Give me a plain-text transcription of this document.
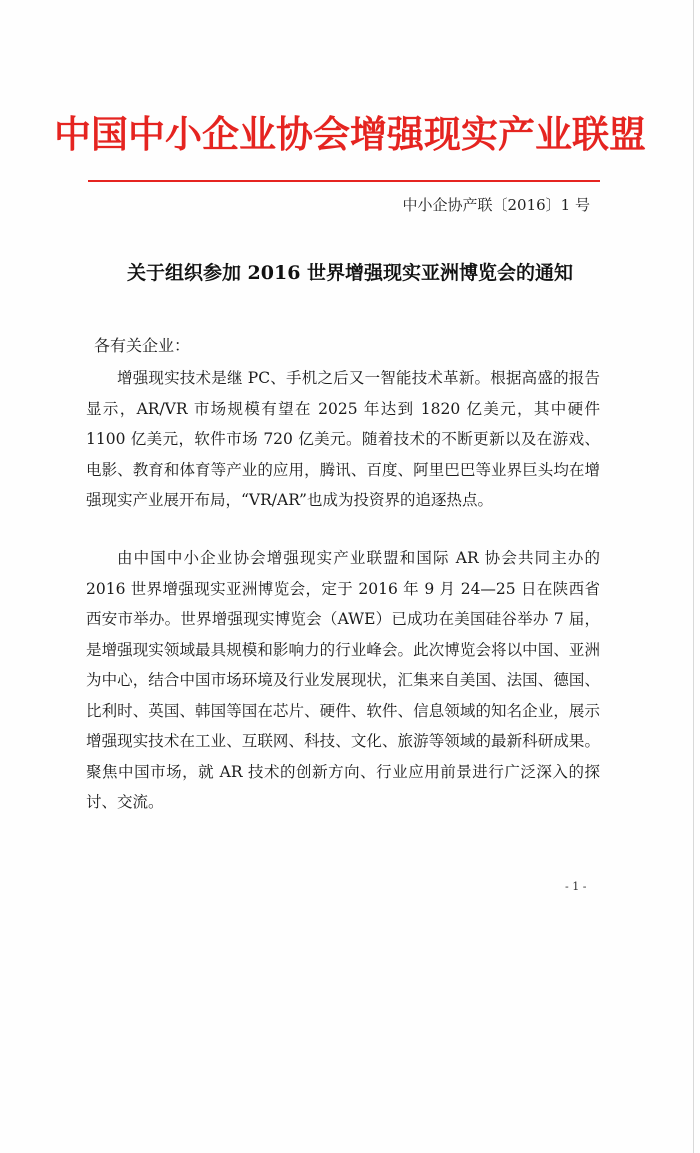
中国中小企业协会增强现实产业联盟
中小企协产联〔2016〕1 号
关于组织参加 2016 世界增强现实亚洲博览会的通知
各有关企业：

增强现实技术是继 PC、手机之后又一智能技术革新。根据高盛的报告显示，AR/VR 市场规模有望在 2025 年达到 1820 亿美元，其中硬件 1100 亿美元，软件市场 720 亿美元。随着技术的不断更新以及在游戏、电影、教育和体育等产业的应用，腾讯、百度、阿里巴巴等业界巨头均在增强现实产业展开布局，“VR/AR”也成为投资界的追逐热点。

由中国中小企业协会增强现实产业联盟和国际 AR 协会共同主办的 2016 世界增强现实亚洲博览会，定于 2016 年 9 月 24—25 日在陕西省西安市举办。世界增强现实博览会（AWE）已成功在美国硅谷举办 7 届，是增强现实领域最具规模和影响力的行业峰会。此次博览会将以中国、亚洲为中心，结合中国市场环境及行业发展现状，汇集来自美国、法国、德国、比利时、英国、韩国等国在芯片、硬件、软件、信息领域的知名企业，展示增强现实技术在工业、互联网、科技、文化、旅游等领域的最新科研成果。聚焦中国市场，就 AR 技术的创新方向、行业应用前景进行广泛深入的探讨、交流。

- 1 -
